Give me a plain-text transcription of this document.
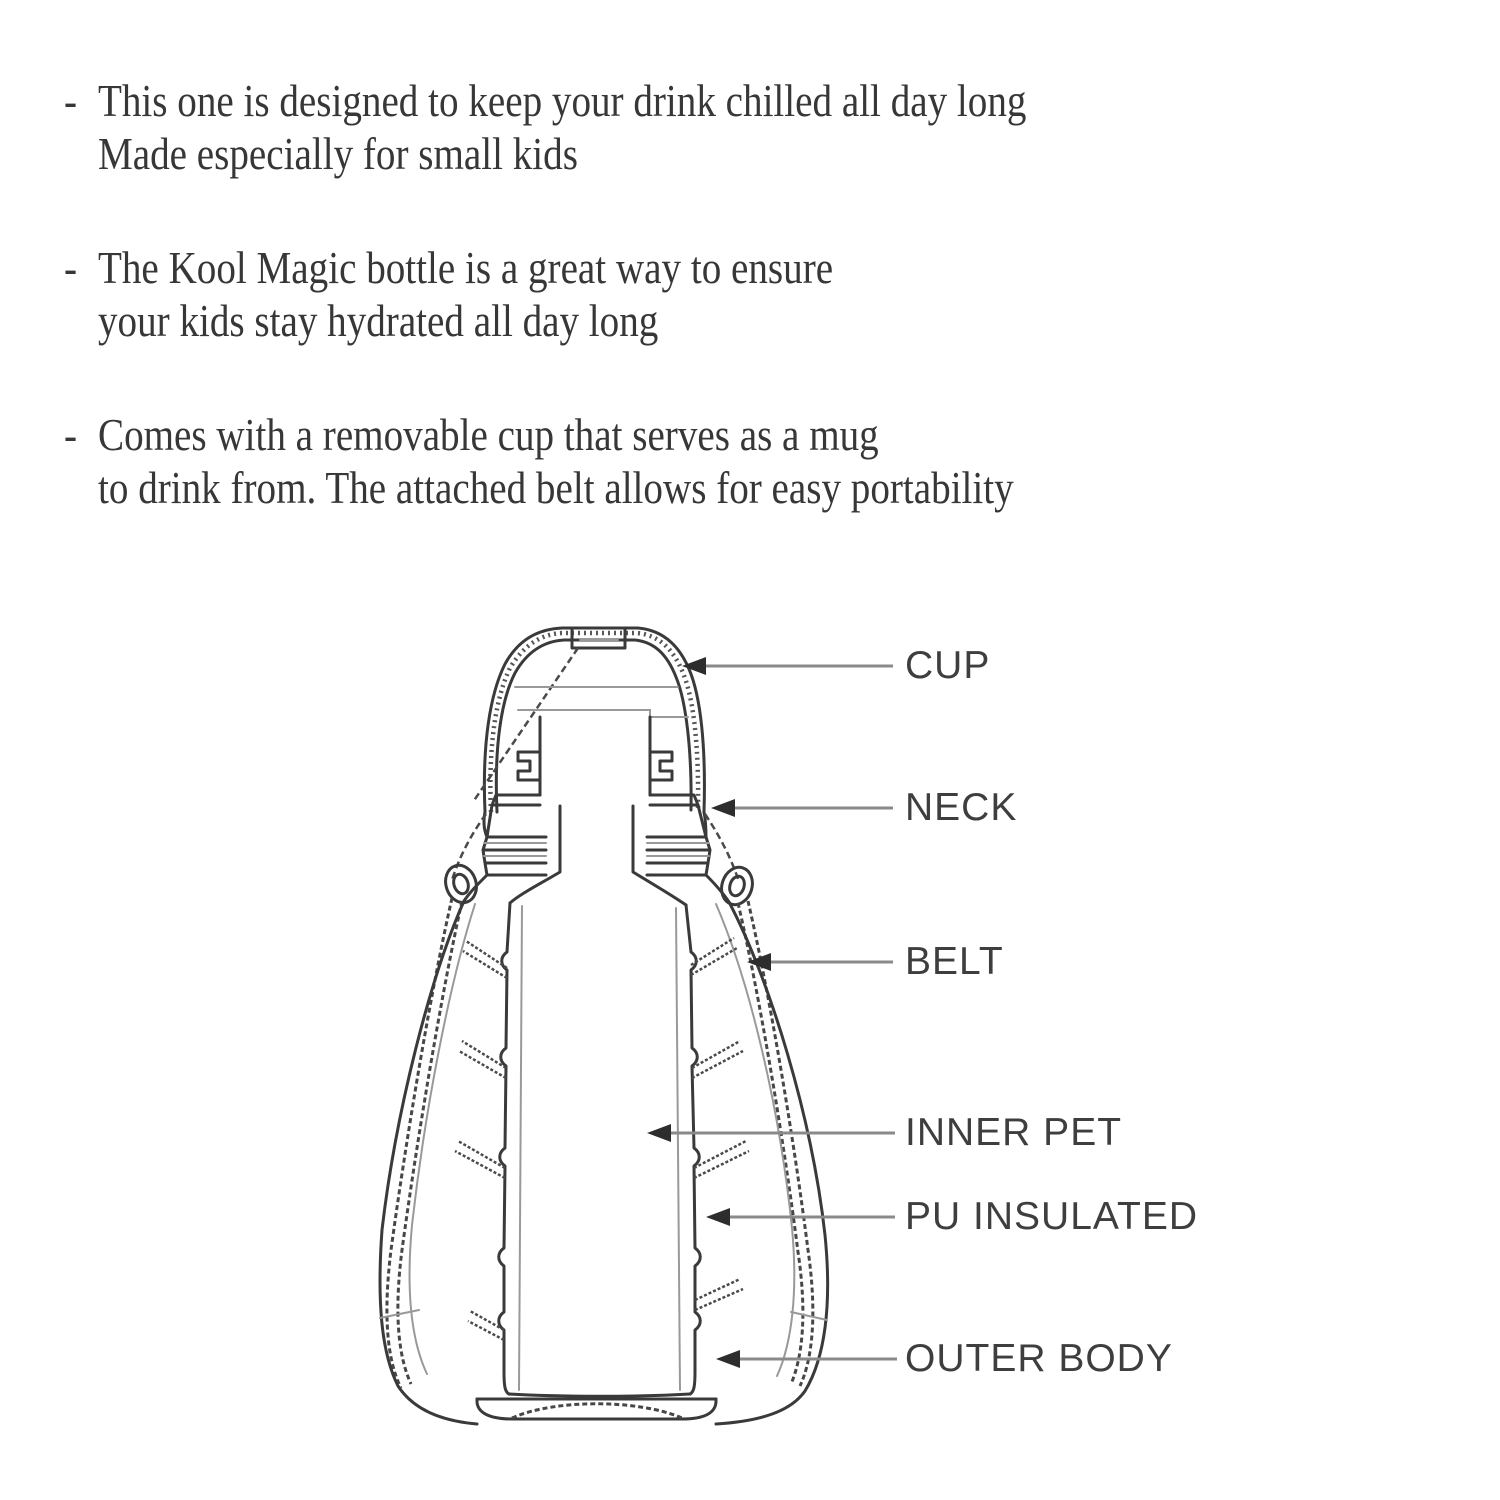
- This one is designed to keep your drink chilled all day long
Made especially for small kids
- The Kool Magic bottle is a great way to ensure
your kids stay hydrated all day long
- Comes with a removable cup that serves as a mug
to drink from. The attached belt allows for easy portability
CUP
NECK
BELT
INNER PET
PU INSULATED
OUTER BODY
